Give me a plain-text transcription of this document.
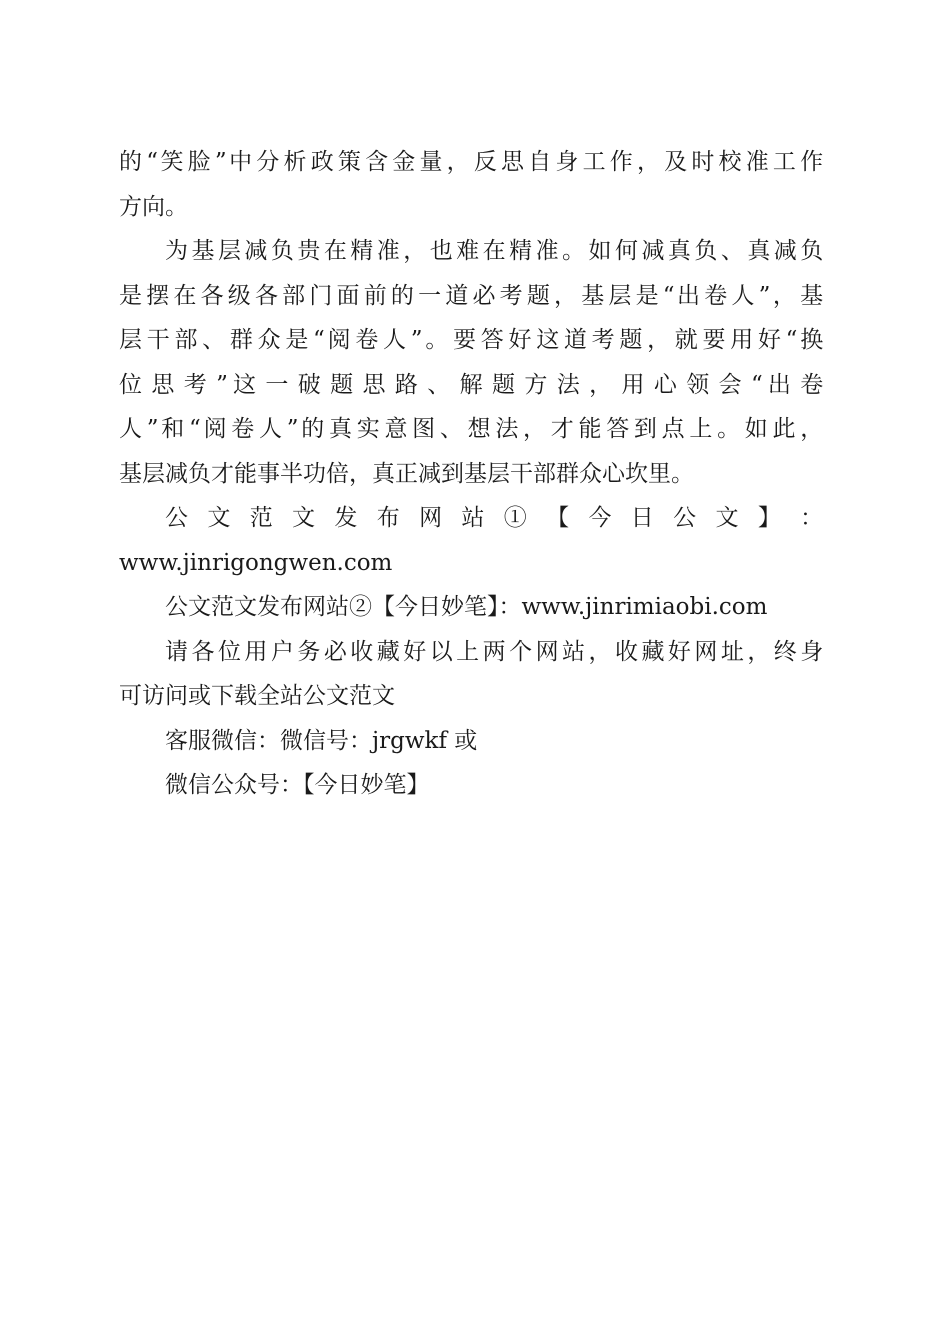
的 “ 笑 脸 ” 中 分 析 政 策 含 金 量 ， 反 思 自 身 工 作 ， 及 时 校 准 工 作
方向。
为 基 层 减 负 贵 在 精 准 ， 也 难 在 精 准 。 如 何 减 真 负 、 真 减 负
是 摆 在 各 级 各 部 门 面 前 的 一 道 必 考 题 ， 基 层 是 “ 出 卷 人 ” ， 基
层 干 部 、 群 众 是 “ 阅 卷 人 ” 。 要 答 好 这 道 考 题 ， 就 要 用 好 “ 换
位 思 考 ” 这 一 破 题 思 路 、 解 题 方 法 ， 用 心 领 会 “ 出 卷
人 ” 和 “ 阅 卷 人 ” 的 真 实 意 图 、 想 法 ， 才 能 答 到 点 上 。 如 此 ，
基层减负才能事半功倍，真正减到基层干部群众心坎里。
公 文 范 文 发 布 网 站 ① 【 今 日 公 文 】 ：
www.jinrigongwen.com
公文范文发布网站②【今日妙笔】：www.jinrimiaobi.com
请 各 位 用 户 务 必 收 藏 好 以 上 两 个 网 站 ， 收 藏 好 网 址 ， 终 身
可访问或下载全站公文范文
客服微信：微信号：jrgwkf 或
微信公众号：【今日妙笔】
